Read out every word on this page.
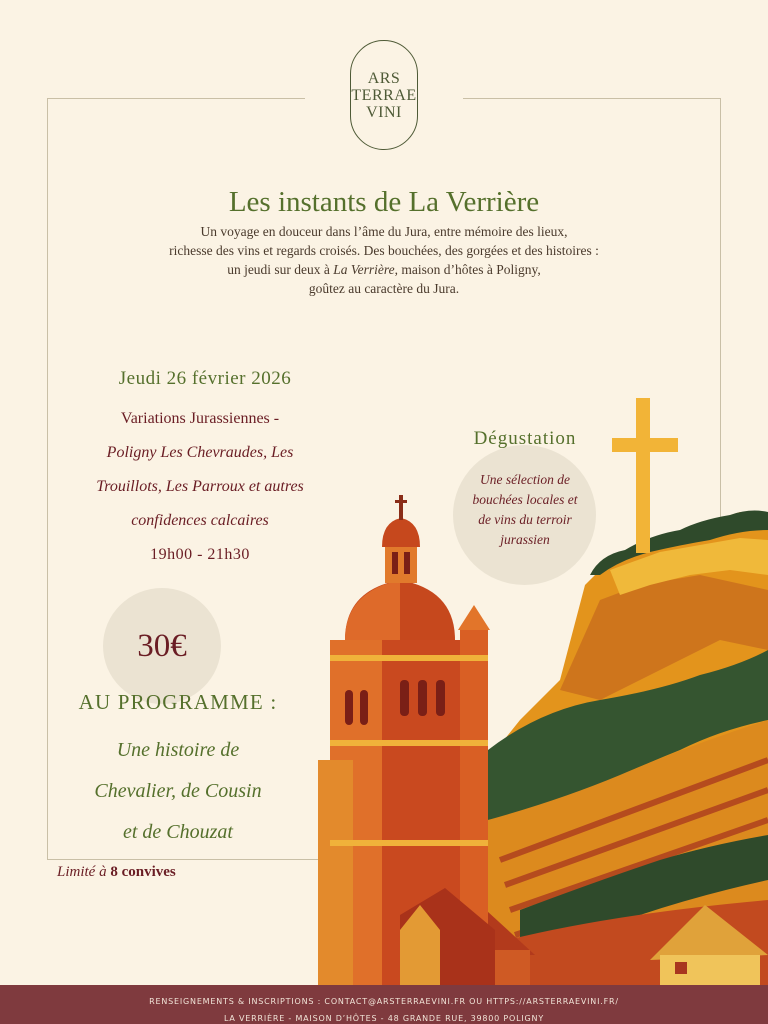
ARS
TERRAE
VINI
Les instants de La Verrière
Un voyage en douceur dans l’âme du Jura, entre mémoire des lieux,
richesse des vins et regards croisés. Des bouchées, des gorgées et des histoires :
un jeudi sur deux à La Verrière, maison d’hôtes à Poligny,
goûtez au caractère du Jura.
Jeudi 26 février 2026
Variations Jurassiennes -
Poligny Les Chevraudes, Les
Trouillots, Les Parroux et autres
confidences calcaires
19h00 - 21h30
Dégustation
Une sélection de
bouchées locales et
de vins du terroir
jurassien
30€
AU PROGRAMME :
Une histoire de
Chevalier, de Cousin
et de Chouzat
Limité à 8 convives
RENSEIGNEMENTS & INSCRIPTIONS : CONTACT@ARSTERRAEVINI.FR OU HTTPS://ARSTERRAEVINI.FR/
LA VERRIÈRE - MAISON D’HÔTES - 48 GRANDE RUE, 39800 POLIGNY
